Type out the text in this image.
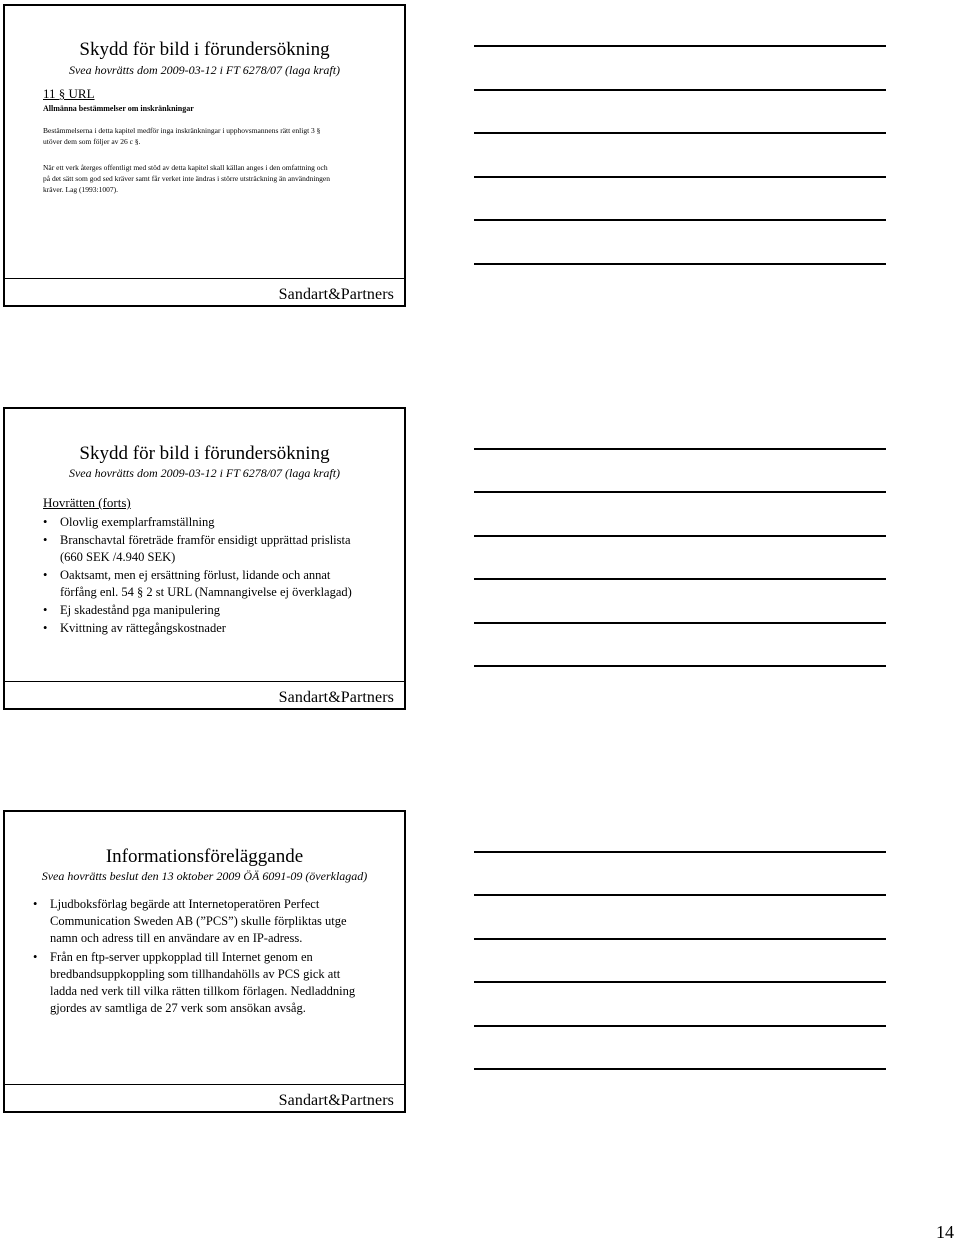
Skydd för bild i förundersökning
Svea hovrätts dom 2009-03-12 i FT 6278/07 (laga kraft)
11 § URL
Allmänna bestämmelser om inskränkningar
Bestämmelserna i detta kapitel medför inga inskränkningar i upphovsmannens rätt enligt 3 §
utöver dem som följer av 26 c §.
När ett verk återges offentligt med stöd av detta kapitel skall källan anges i den omfattning och
på det sätt som god sed kräver samt får verket inte ändras i större utsträckning än användningen
kräver. Lag (1993:1007).
Sandart&Partners
Skydd för bild i förundersökning
Svea hovrätts dom 2009-03-12 i FT 6278/07 (laga kraft)
Hovrätten (forts)
• Olovlig exemplarframställning
• Branschavtal företräde framför ensidigt upprättad prislista
(660 SEK /4.940 SEK)
• Oaktsamt, men ej ersättning förlust, lidande och annat
förfång enl. 54 § 2 st URL (Namnangivelse ej överklagad)
• Ej skadestånd pga manipulering
• Kvittning av rättegångskostnader
Sandart&Partners
Informationsföreläggande
Svea hovrätts beslut den 13 oktober 2009 ÖÄ 6091-09 (överklagad)
• Ljudboksförlag begärde att Internetoperatören Perfect
Communication Sweden AB (”PCS”) skulle förpliktas utge
namn och adress till en användare av en IP-adress.
• Från en ftp-server uppkopplad till Internet genom en
bredbandsuppkoppling som tillhandahölls av PCS gick att
ladda ned verk till vilka rätten tillkom förlagen. Nedladdning
gjordes av samtliga de 27 verk som ansökan avsåg.
Sandart&Partners
14
